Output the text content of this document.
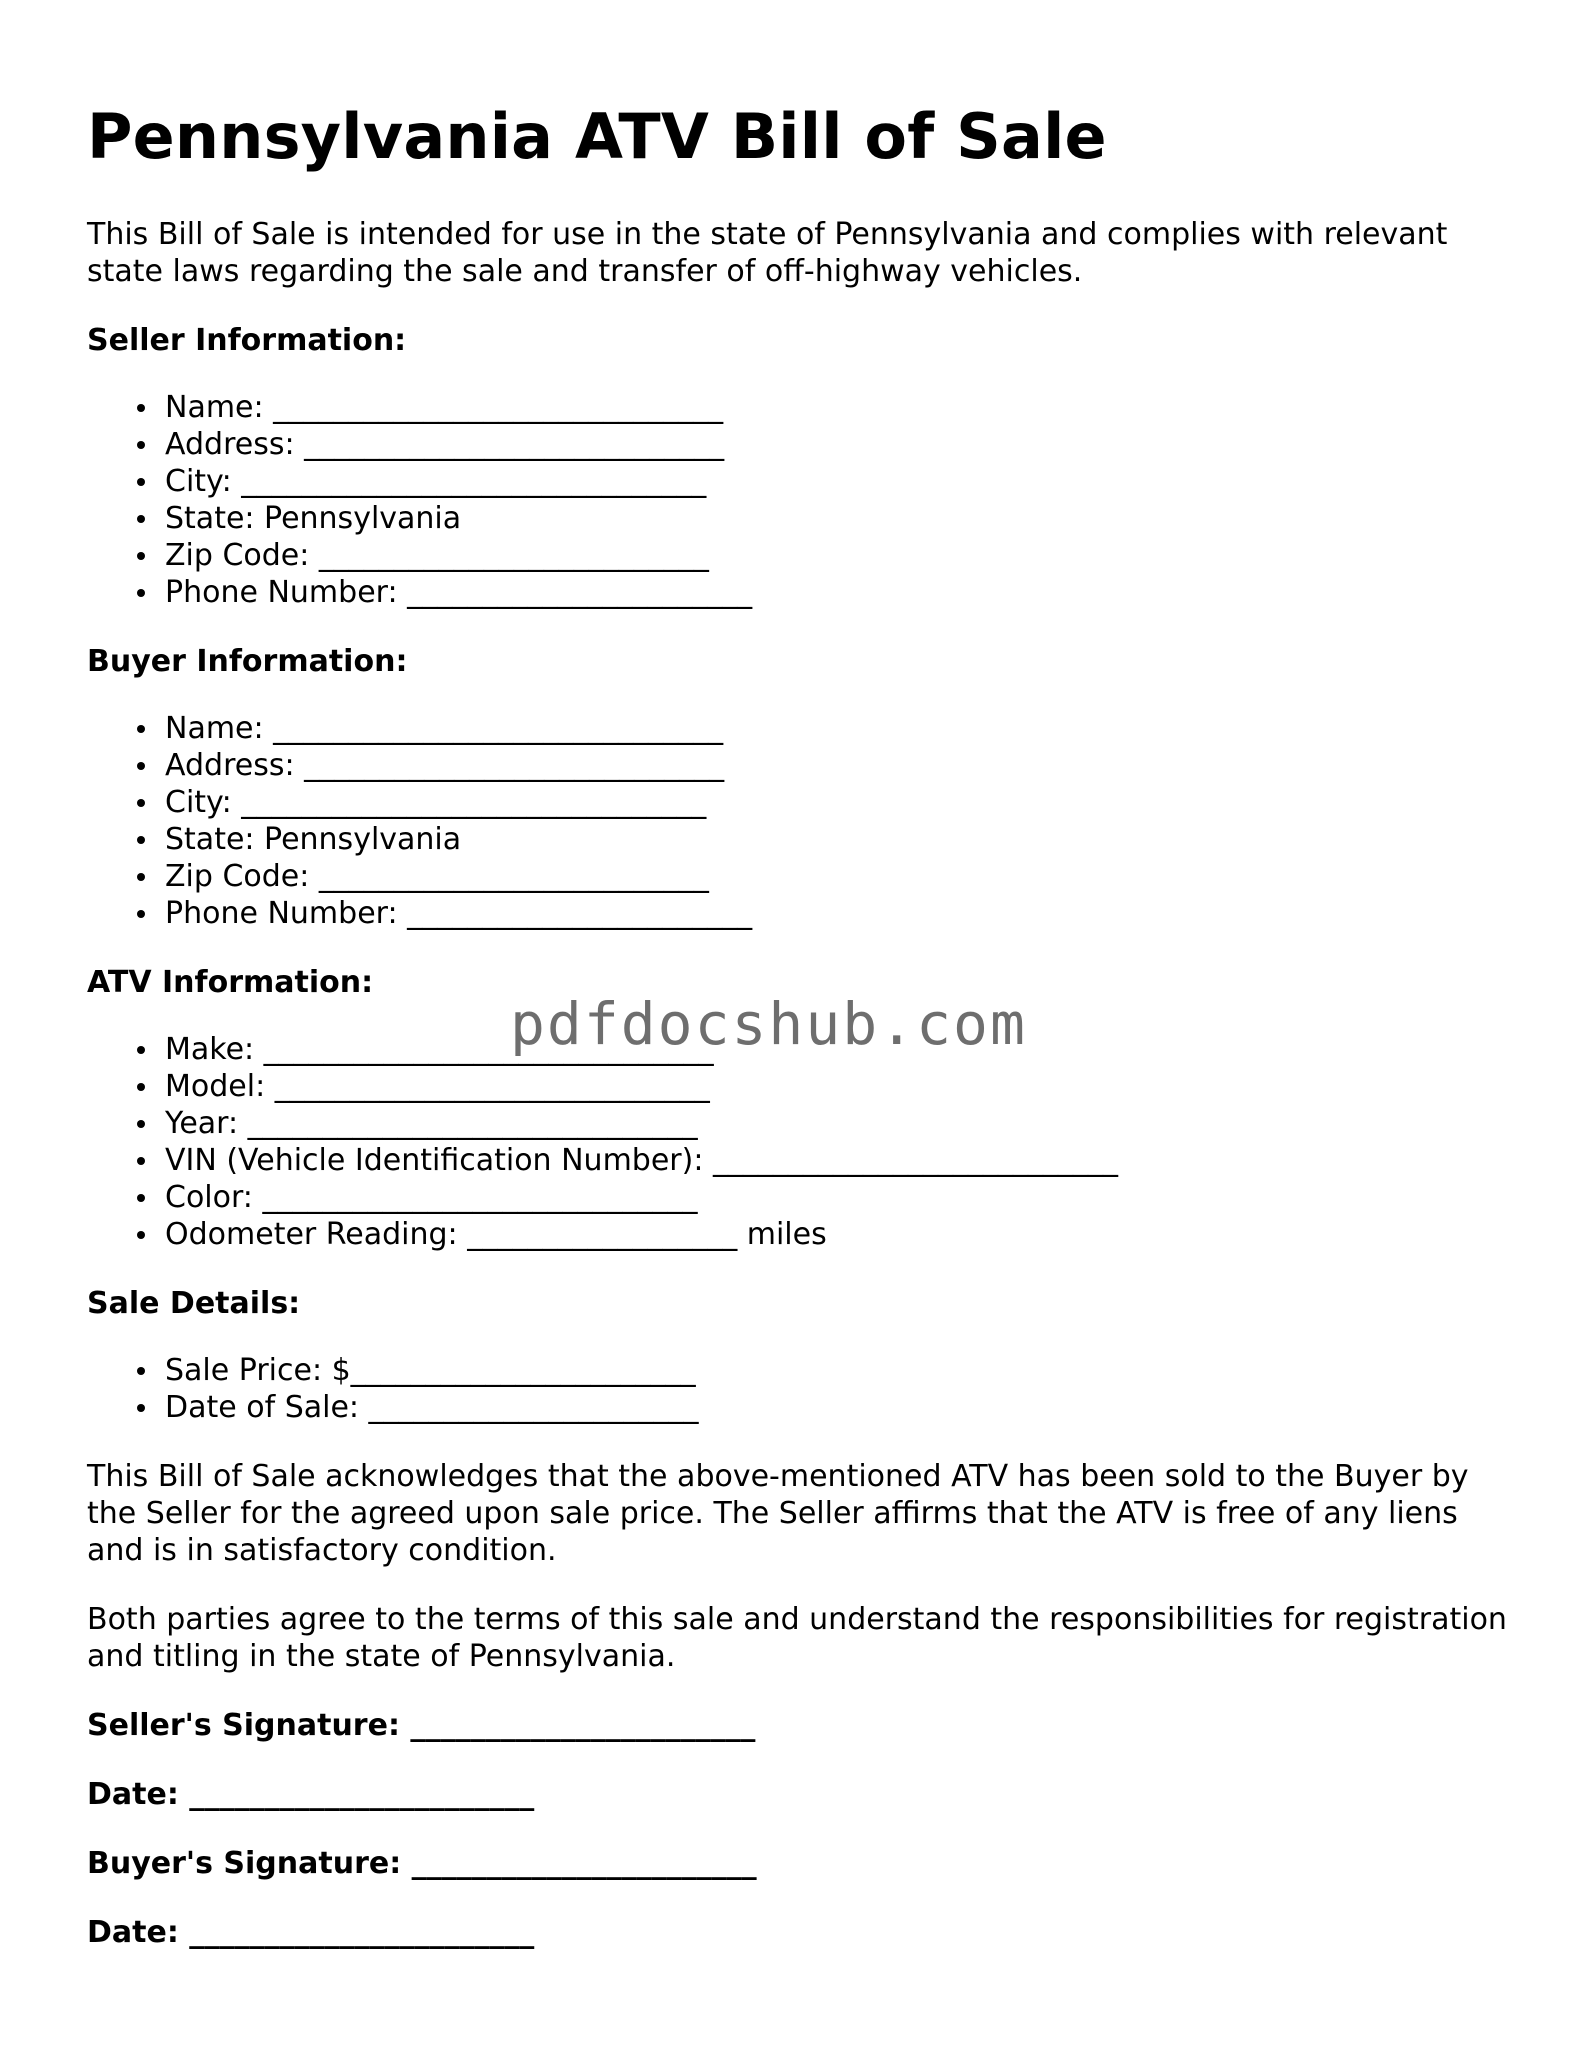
Pennsylvania ATV Bill of Sale

This Bill of Sale is intended for use in the state of Pennsylvania and complies with relevant state laws regarding the sale and transfer of off-highway vehicles.

Seller Information:
Name: ______________________________
Address: ____________________________
City: _______________________________
State: Pennsylvania
Zip Code: __________________________
Phone Number: _______________________
Buyer Information:
Name: ______________________________
Address: ____________________________
City: _______________________________
State: Pennsylvania
Zip Code: __________________________
Phone Number: _______________________
ATV Information:
Make: ______________________________
Model: _____________________________
Year: ______________________________
VIN (Vehicle Identification Number): ___________________________
Color: _____________________________
Odometer Reading: __________________ miles
Sale Details:
Sale Price: $_______________________
Date of Sale: ______________________

This Bill of Sale acknowledges that the above-mentioned ATV has been sold to the Buyer by the Seller for the agreed upon sale price. The Seller affirms that the ATV is free of any liens and is in satisfactory condition.

Both parties agree to the terms of this sale and understand the responsibilities for registration and titling in the state of Pennsylvania.

Seller's Signature: _______________________
Date: _______________________
Buyer's Signature: _______________________
Date: _______________________
pdfdocshub.com
